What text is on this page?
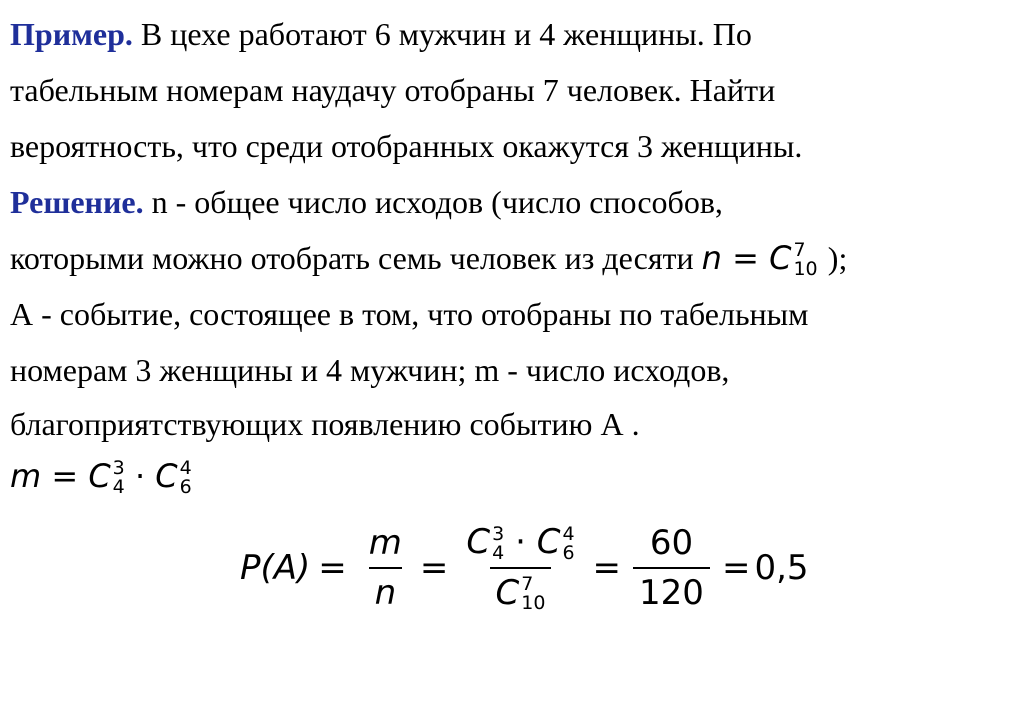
Пример. В цехе работают 6 мужчин и 4 женщины. По
табельным номерам наудачу отобраны 7 человек. Найти
вероятность, что среди отобранных окажутся 3 женщины.
Решение. n - общее число исходов (число способов,
которыми можно отобрать семь человек из десяти n = C 7
10 );
А - событие, состоящее в том, что отобраны по табельным
номерам 3 женщины и 4 мужчин; m - число исходов,
благоприятствующих появлению событию А .
m = C 3
4 · C 4
6
$P(A) = \frac{m}{n} = C$ 3
4 · C 4
6
C 7
$10 = \frac{60}{120} = 0,5$
